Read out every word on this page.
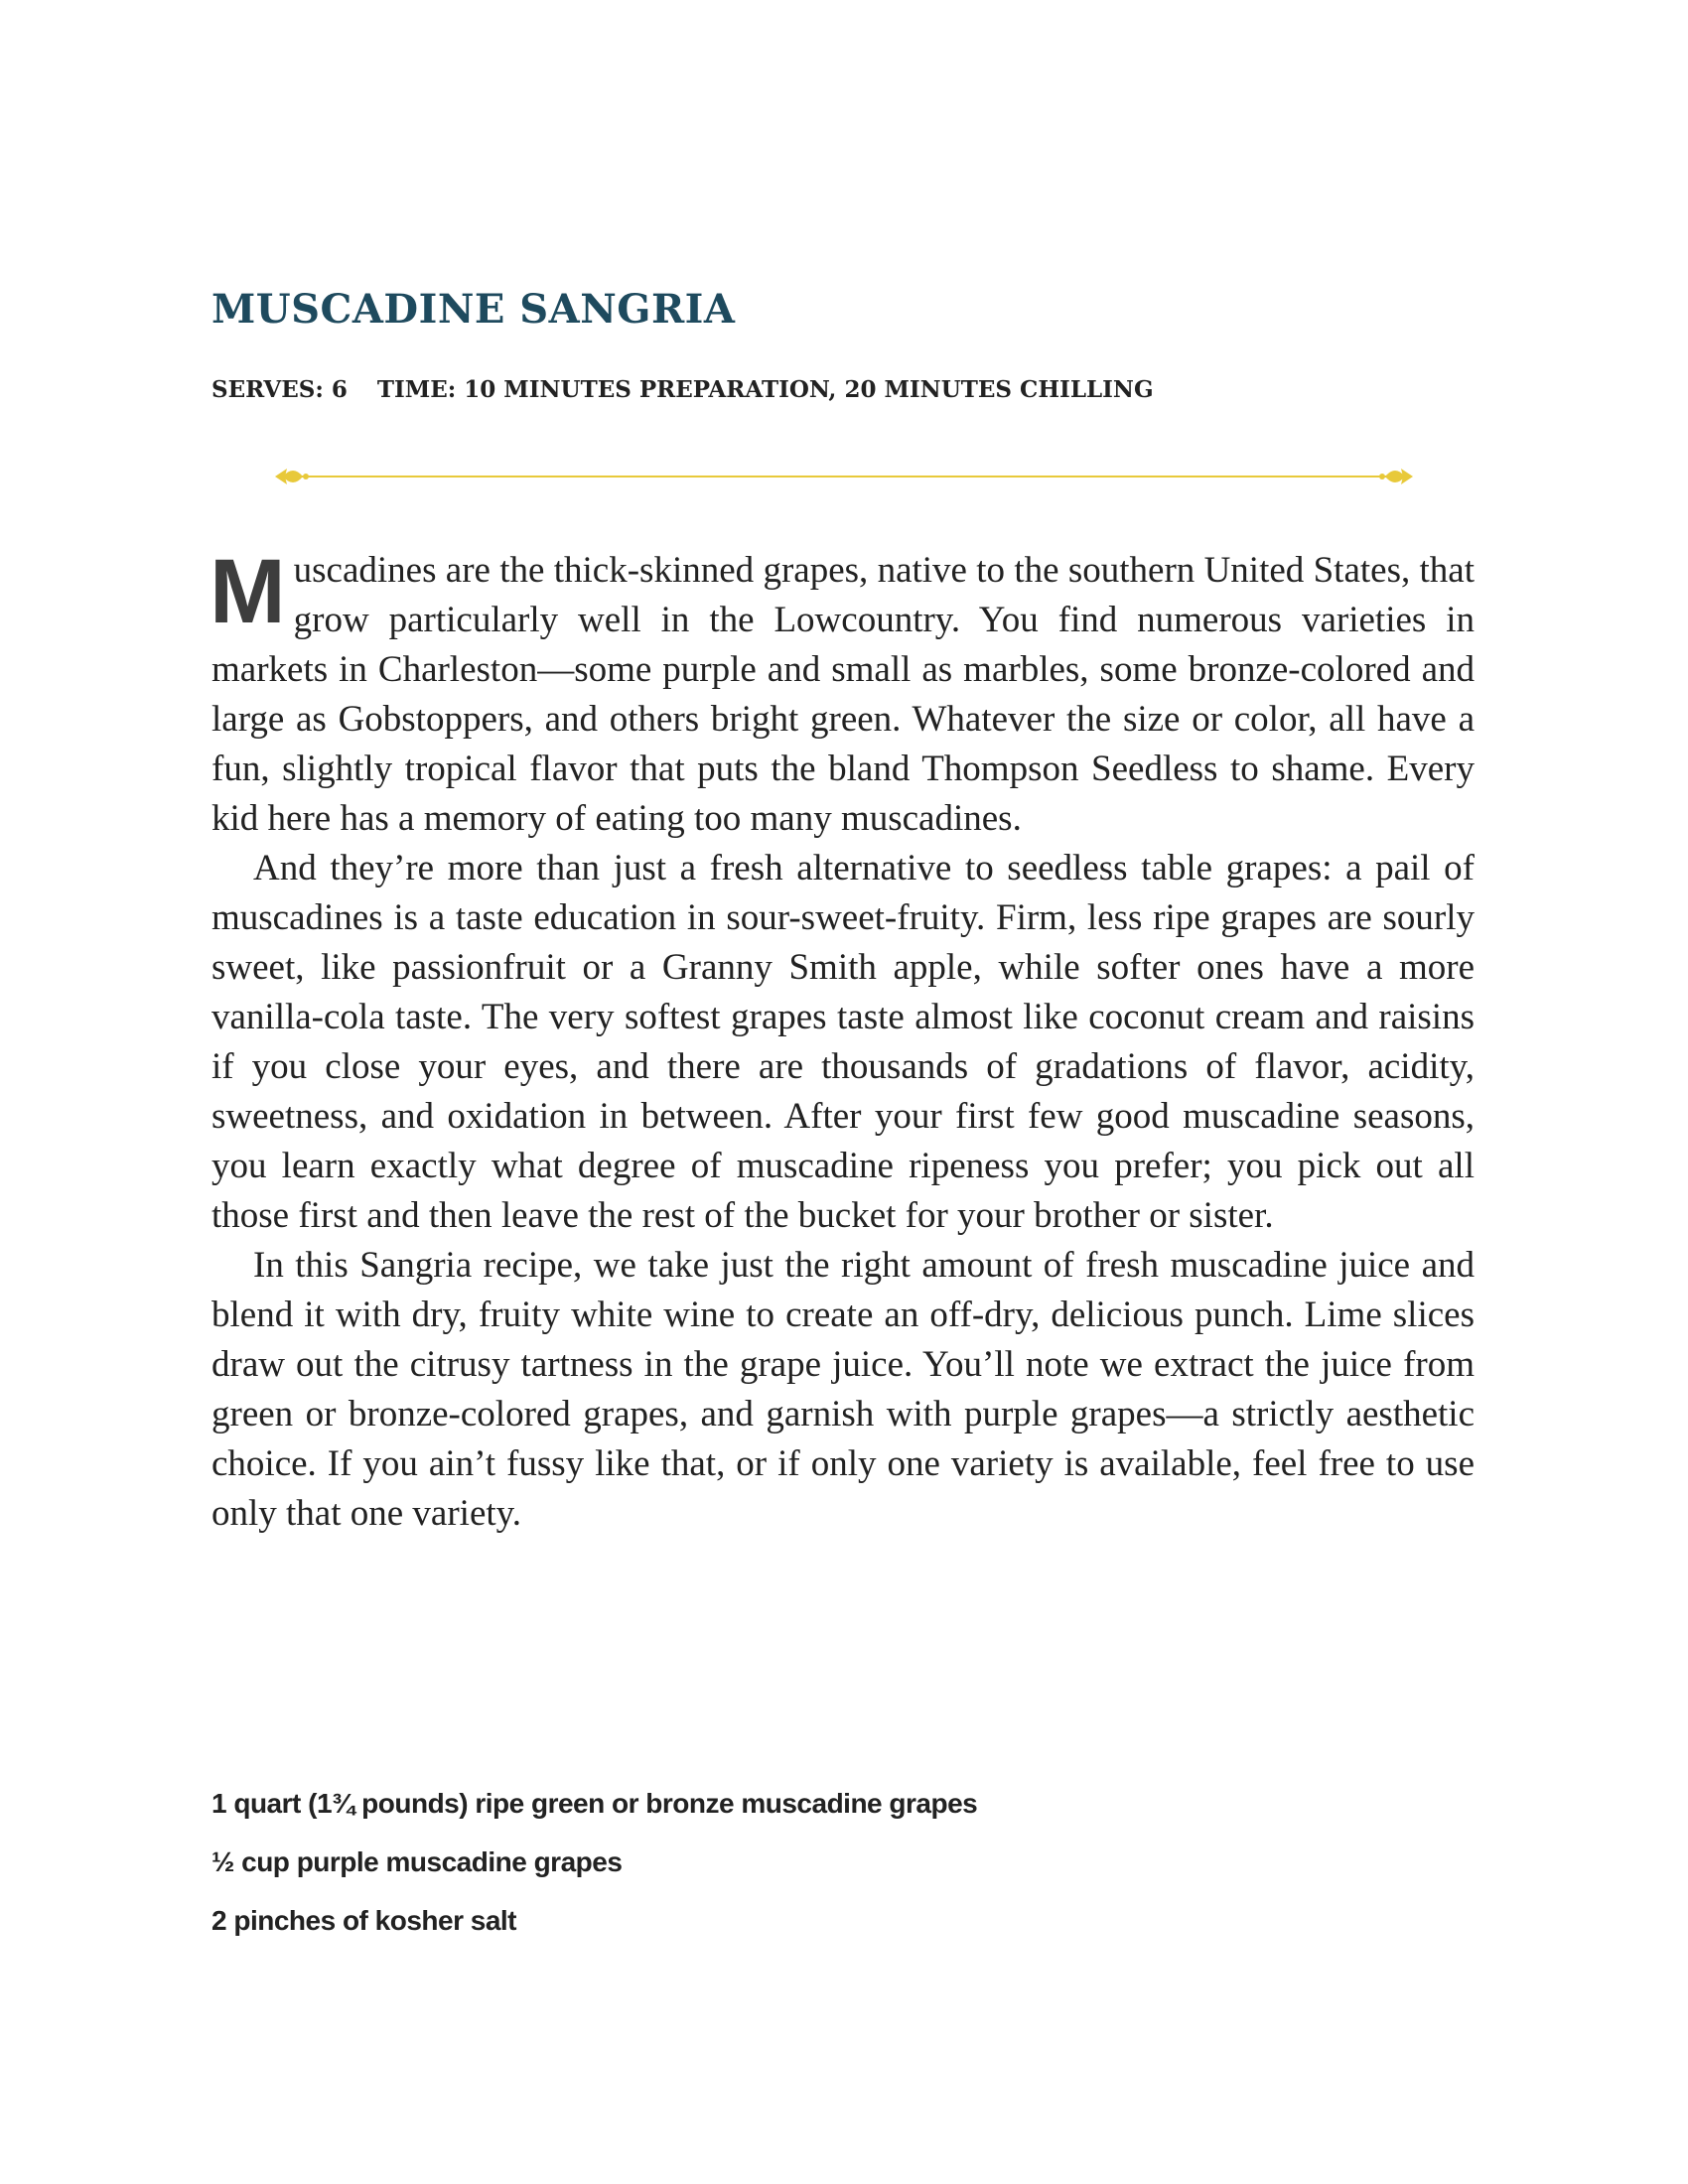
MUSCADINE SANGRIA
SERVES: 6 TIME: 10 MINUTES PREPARATION, 20 MINUTES CHILLING

Muscadines are the thick-skinned grapes, native to the southern United States, that grow particularly well in the Lowcountry. You find numerous varieties in markets in Charleston—some purple and small as marbles, some bronze-colored and large as Gobstoppers, and others bright green. Whatever the size or color, all have a fun, slightly tropical flavor that puts the bland Thompson Seedless to shame. Every kid here has a memory of eating too many muscadines.

And they’re more than just a fresh alternative to seedless table grapes: a pail of muscadines is a taste education in sour-sweet-fruity. Firm, less ripe grapes are sourly sweet, like passionfruit or a Granny Smith apple, while softer ones have a more vanilla-cola taste. The very softest grapes taste almost like coconut cream and raisins if you close your eyes, and there are thousands of gradations of flavor, acidity, sweetness, and oxidation in between. After your first few good muscadine seasons, you learn exactly what degree of muscadine ripeness you prefer; you pick out all those first and then leave the rest of the bucket for your brother or sister.

In this Sangria recipe, we take just the right amount of fresh muscadine juice and blend it with dry, fruity white wine to create an off-dry, delicious punch. Lime slices draw out the citrusy tartness in the grape juice. You’ll note we extract the juice from green or bronze-colored grapes, and garnish with purple grapes—a strictly aesthetic choice. If you ain’t fussy like that, or if only one variety is available, feel free to use only that one variety.

1 quart (1¾ pounds) ripe green or bronze muscadine grapes
½ cup purple muscadine grapes
2 pinches of kosher salt
